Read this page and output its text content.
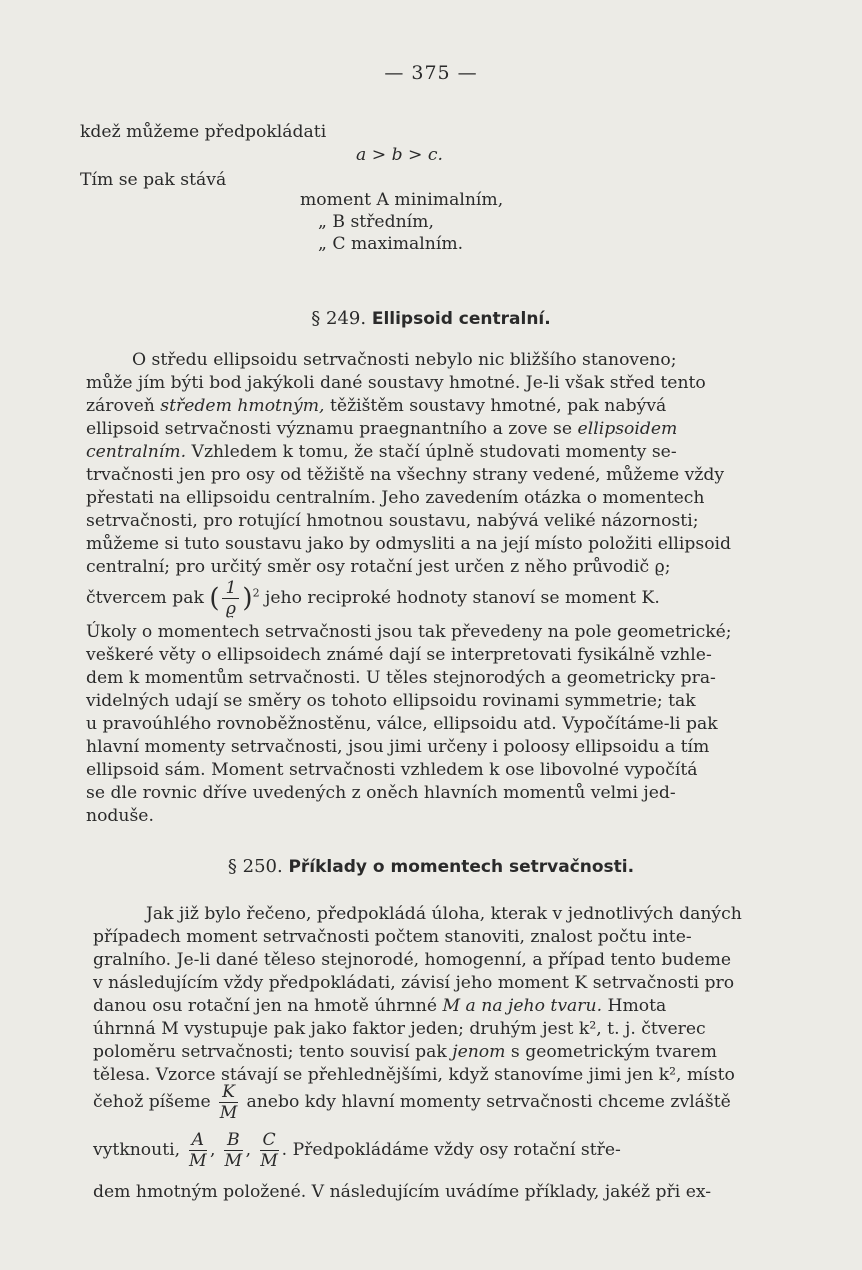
— 375 —
kdež můžeme předpokládati
a > b > c.
Tím se pak stává
moment A minimalním,
„ B středním,
„ C maximalním.
§ 249. Ellipsoid centralní.
O středu ellipsoidu setrvačnosti nebylo nic bližšího stanoveno;
může jím býti bod jakýkoli dané soustavy hmotné. Je-li však střed tento
zároveň středem hmotným, těžištěm soustavy hmotné, pak nabývá
ellipsoid setrvačnosti významu praegnantního a zove se ellipsoidem
centralním. Vzhledem k tomu, že stačí úplně studovati momenty se-
trvačnosti jen pro osy od těžiště na všechny strany vedené, můžeme vždy
přestati na ellipsoidu centralním. Jeho zavedením otázka o momentech
setrvačnosti, pro rotující hmotnou soustavu, nabývá veliké názornosti;
můžeme si tuto soustavu jako by odmysliti a na její místo položiti ellipsoid
centralní; pro určitý směr osy rotační jest určen z něho průvodič ϱ;
čtvercem pak ( $\frac{1}{ϱ} )^2$ jeho reciproké hodnoty stanoví se moment K.
Úkoly o momentech setrvačnosti jsou tak převedeny na pole geometrické;
veškeré věty o ellipsoidech známé dají se interpretovati fysikálně vzhle-
dem k momentům setrvačnosti. U těles stejnorodých a geometricky pra-
videlných udají se směry os tohoto ellipsoidu rovinami symmetrie; tak
u pravoúhlého rovnoběžnostěnu, válce, ellipsoidu atd. Vypočítáme-li pak
hlavní momenty setrvačnosti, jsou jimi určeny i poloosy ellipsoidu a tím
ellipsoid sám. Moment setrvačnosti vzhledem k ose libovolné vypočítá
se dle rovnic dříve uvedených z oněch hlavních momentů velmi jed-
noduše.
§ 250. Příklady o momentech setrvačnosti.
Jak již bylo řečeno, předpokládá úloha, kterak v jednotlivých daných
případech moment setrvačnosti počtem stanoviti, znalost počtu inte-
gralního. Je-li dané těleso stejnorodé, homogenní, a případ tento budeme
v následujícím vždy předpokládati, závisí jeho moment K setrvačnosti pro
danou osu rotační jen na hmotě úhrnné M a na jeho tvaru. Hmota
úhrnná M vystupuje pak jako faktor jeden; druhým jest k², t. j. čtverec
poloměru setrvačnosti; tento souvisí pak jenom s geometrickým tvarem
tělesa. Vzorce stávají se přehlednějšími, když stanovíme jimi jen k², místo
čehož píšeme $\frac{K}{M}$ anebo kdy hlavní momenty setrvačnosti chceme zvláště
vytknouti, $\frac{A}{M}$ , $\frac{B}{M}$ , $\frac{C}{M}$ . Předpokládáme vždy osy rotační stře-
dem hmotným položené. V následujícím uvádíme příklady, jakéž při ex-
